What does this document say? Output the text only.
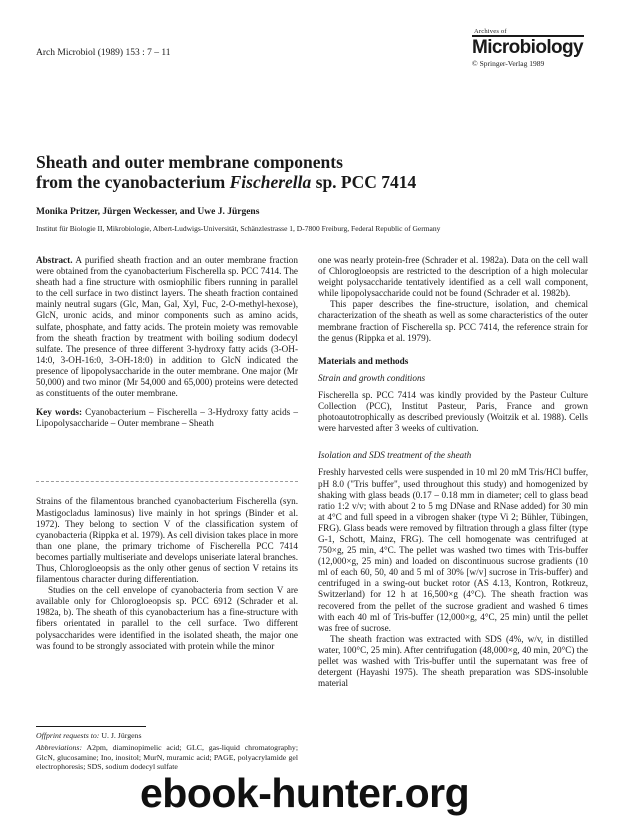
Arch Microbiol (1989) 153 : 7 – 11
Archives of
Microbiology
© Springer-Verlag 1989
Sheath and outer membrane components
from the cyanobacterium Fischerella sp. PCC 7414
Monika Pritzer, Jürgen Weckesser, and Uwe J. Jürgens
Institut für Biologie II, Mikrobiologie, Albert-Ludwigs-Universität, Schänzlestrasse 1, D-7800 Freiburg, Federal Republic of Germany

Abstract. A purified sheath fraction and an outer membrane fraction were obtained from the cyanobacterium Fischerella sp. PCC 7414. The sheath had a fine structure with osmiophilic fibers running in parallel to the cell surface in two distinct layers. The sheath fraction contained mainly neutral sugars (Glc, Man, Gal, Xyl, Fuc, 2-O-methyl-hexose), GlcN, uronic acids, and minor components such as amino acids, sulfate, phosphate, and fatty acids. The protein moiety was removable from the sheath fraction by treatment with boiling sodium dodecyl sulfate. The presence of three different 3-hydroxy fatty acids (3-OH-14:0, 3-OH-16:0, 3-OH-18:0) in addition to GlcN indicated the presence of lipopolysaccharide in the outer membrane. One major (Mr 50,000) and two minor (Mr 54,000 and 65,000) proteins were detected as constituents of the outer membrane.

Key words: Cyanobacterium – Fischerella – 3-Hydroxy fatty acids – Lipopolysaccharide – Outer membrane – Sheath

Strains of the filamentous branched cyanobacterium Fischerella (syn. Mastigocladus laminosus) live mainly in hot springs (Binder et al. 1972). They belong to section V of the classification system of cyanobacteria (Rippka et al. 1979). As cell division takes place in more than one plane, the primary trichome of Fischerella PCC 7414 becomes partially multiseriate and develops uniseriate lateral branches. Thus, Chlorogloeopsis as the only other genus of section V retains its filamentous character during differentiation.

Studies on the cell envelope of cyanobacteria from section V are available only for Chlorogloeopsis sp. PCC 6912 (Schrader et al. 1982a, b). The sheath of this cyanobacterium has a fine-structure with fibers orientated in parallel to the cell surface. Two different polysaccharides were identified in the isolated sheath, the major one was found to be strongly associated with protein while the minor

Offprint requests to: U. J. Jürgens

Abbreviations: A2pm, diaminopimelic acid; GLC, gas-liquid chromatography; GlcN, glucosamine; Ino, inositol; MurN, muramic acid; PAGE, polyacrylamide gel electrophoresis; SDS, sodium dodecyl sulfate

one was nearly protein-free (Schrader et al. 1982a). Data on the cell wall of Chlorogloeopsis are restricted to the description of a high molecular weight polysaccharide tentatively identified as a cell wall component, while lipopolysaccharide could not be found (Schrader et al. 1982b).

This paper describes the fine-structure, isolation, and chemical characterization of the sheath as well as some characteristics of the outer membrane fraction of Fischerella sp. PCC 7414, the reference strain for the genus (Rippka et al. 1979).

Materials and methods

Strain and growth conditions

Fischerella sp. PCC 7414 was kindly provided by the Pasteur Culture Collection (PCC), Institut Pasteur, Paris, France and grown photoautotrophically as described previously (Woitzik et al. 1988). Cells were harvested after 3 weeks of cultivation.

Isolation and SDS treatment of the sheath

Freshly harvested cells were suspended in 10 ml 20 mM Tris/HCl buffer, pH 8.0 ("Tris buffer", used throughout this study) and homogenized by shaking with glass beads (0.17 – 0.18 mm in diameter; cell to glass bead ratio 1:2 v/v; with about 2 to 5 mg DNase and RNase added) for 30 min at 4°C and full speed in a vibrogen shaker (type Vi 2; Bühler, Tübingen, FRG). Glass beads were removed by filtration through a glass filter (type G-1, Schott, Mainz, FRG). The cell homogenate was centrifuged at 750×g, 25 min, 4°C. The pellet was washed two times with Tris-buffer (12,000×g, 25 min) and loaded on discontinuous sucrose gradients (10 ml of each 60, 50, 40 and 5 ml of 30% [w/v] sucrose in Tris-buffer) and centrifuged in a swing-out bucket rotor (AS 4.13, Kontron, Rotkreuz, Switzerland) for 12 h at 16,500×g (4°C). The sheath fraction was recovered from the pellet of the sucrose gradient and washed 6 times with each 40 ml of Tris-buffer (12,000×g, 4°C, 25 min) until the pellet was free of sucrose.

The sheath fraction was extracted with SDS (4%, w/v, in distilled water, 100°C, 25 min). After centrifugation (48,000×g, 40 min, 20°C) the pellet was washed with Tris-buffer until the supernatant was free of detergent (Hayashi 1975). The sheath preparation was SDS-insoluble material

ebook-hunter.org
